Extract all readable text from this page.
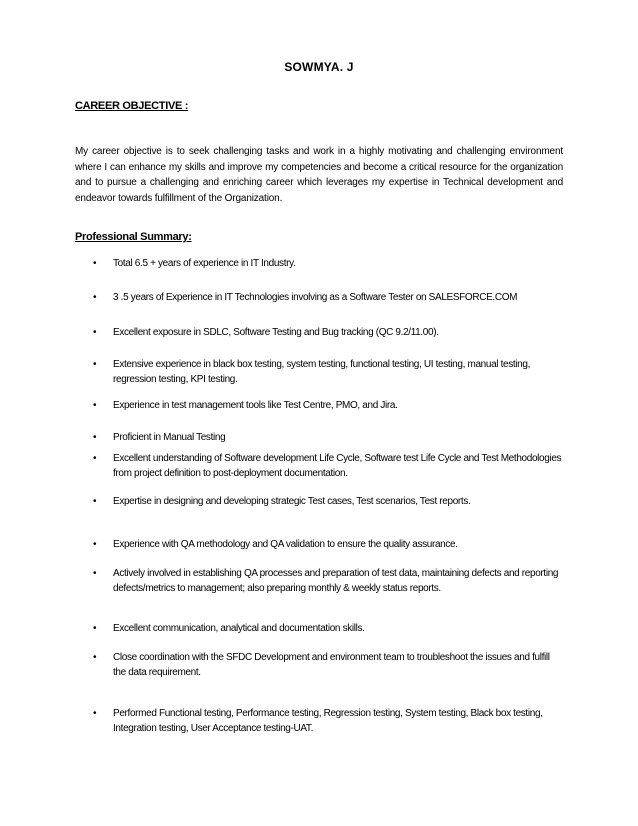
SOWMYA. J
CAREER OBJECTIVE :
My career objective is to seek challenging tasks and work in a highly motivating and challenging environment where I can enhance my skills and improve my competencies and become a critical resource for the organization and to pursue a challenging and enriching career which leverages my expertise in Technical development and endeavor towards fulfillment of the Organization.
Professional Summary:
• Total 6.5 + years of experience in IT Industry.
• 3 .5 years of Experience in IT Technologies involving as a Software Tester on SALESFORCE.COM
• Excellent exposure in SDLC, Software Testing and Bug tracking (QC 9.2/11.00).
• Extensive experience in black box testing, system testing, functional testing, UI testing, manual testing, regression testing, KPI testing.
• Experience in test management tools like Test Centre, PMO, and Jira.
• Proficient in Manual Testing
• Excellent understanding of Software development Life Cycle, Software test Life Cycle and Test Methodologies from project definition to post-deployment documentation.
• Expertise in designing and developing strategic Test cases, Test scenarios, Test reports.
• Experience with QA methodology and QA validation to ensure the quality assurance.
• Actively involved in establishing QA processes and preparation of test data, maintaining defects and reporting defects/metrics to management; also preparing monthly & weekly status reports.
• Excellent communication, analytical and documentation skills.
• Close coordination with the SFDC Development and environment team to troubleshoot the issues and fulfill the data requirement.
• Performed Functional testing, Performance testing, Regression testing, System testing, Black box testing, Integration testing, User Acceptance testing-UAT.
